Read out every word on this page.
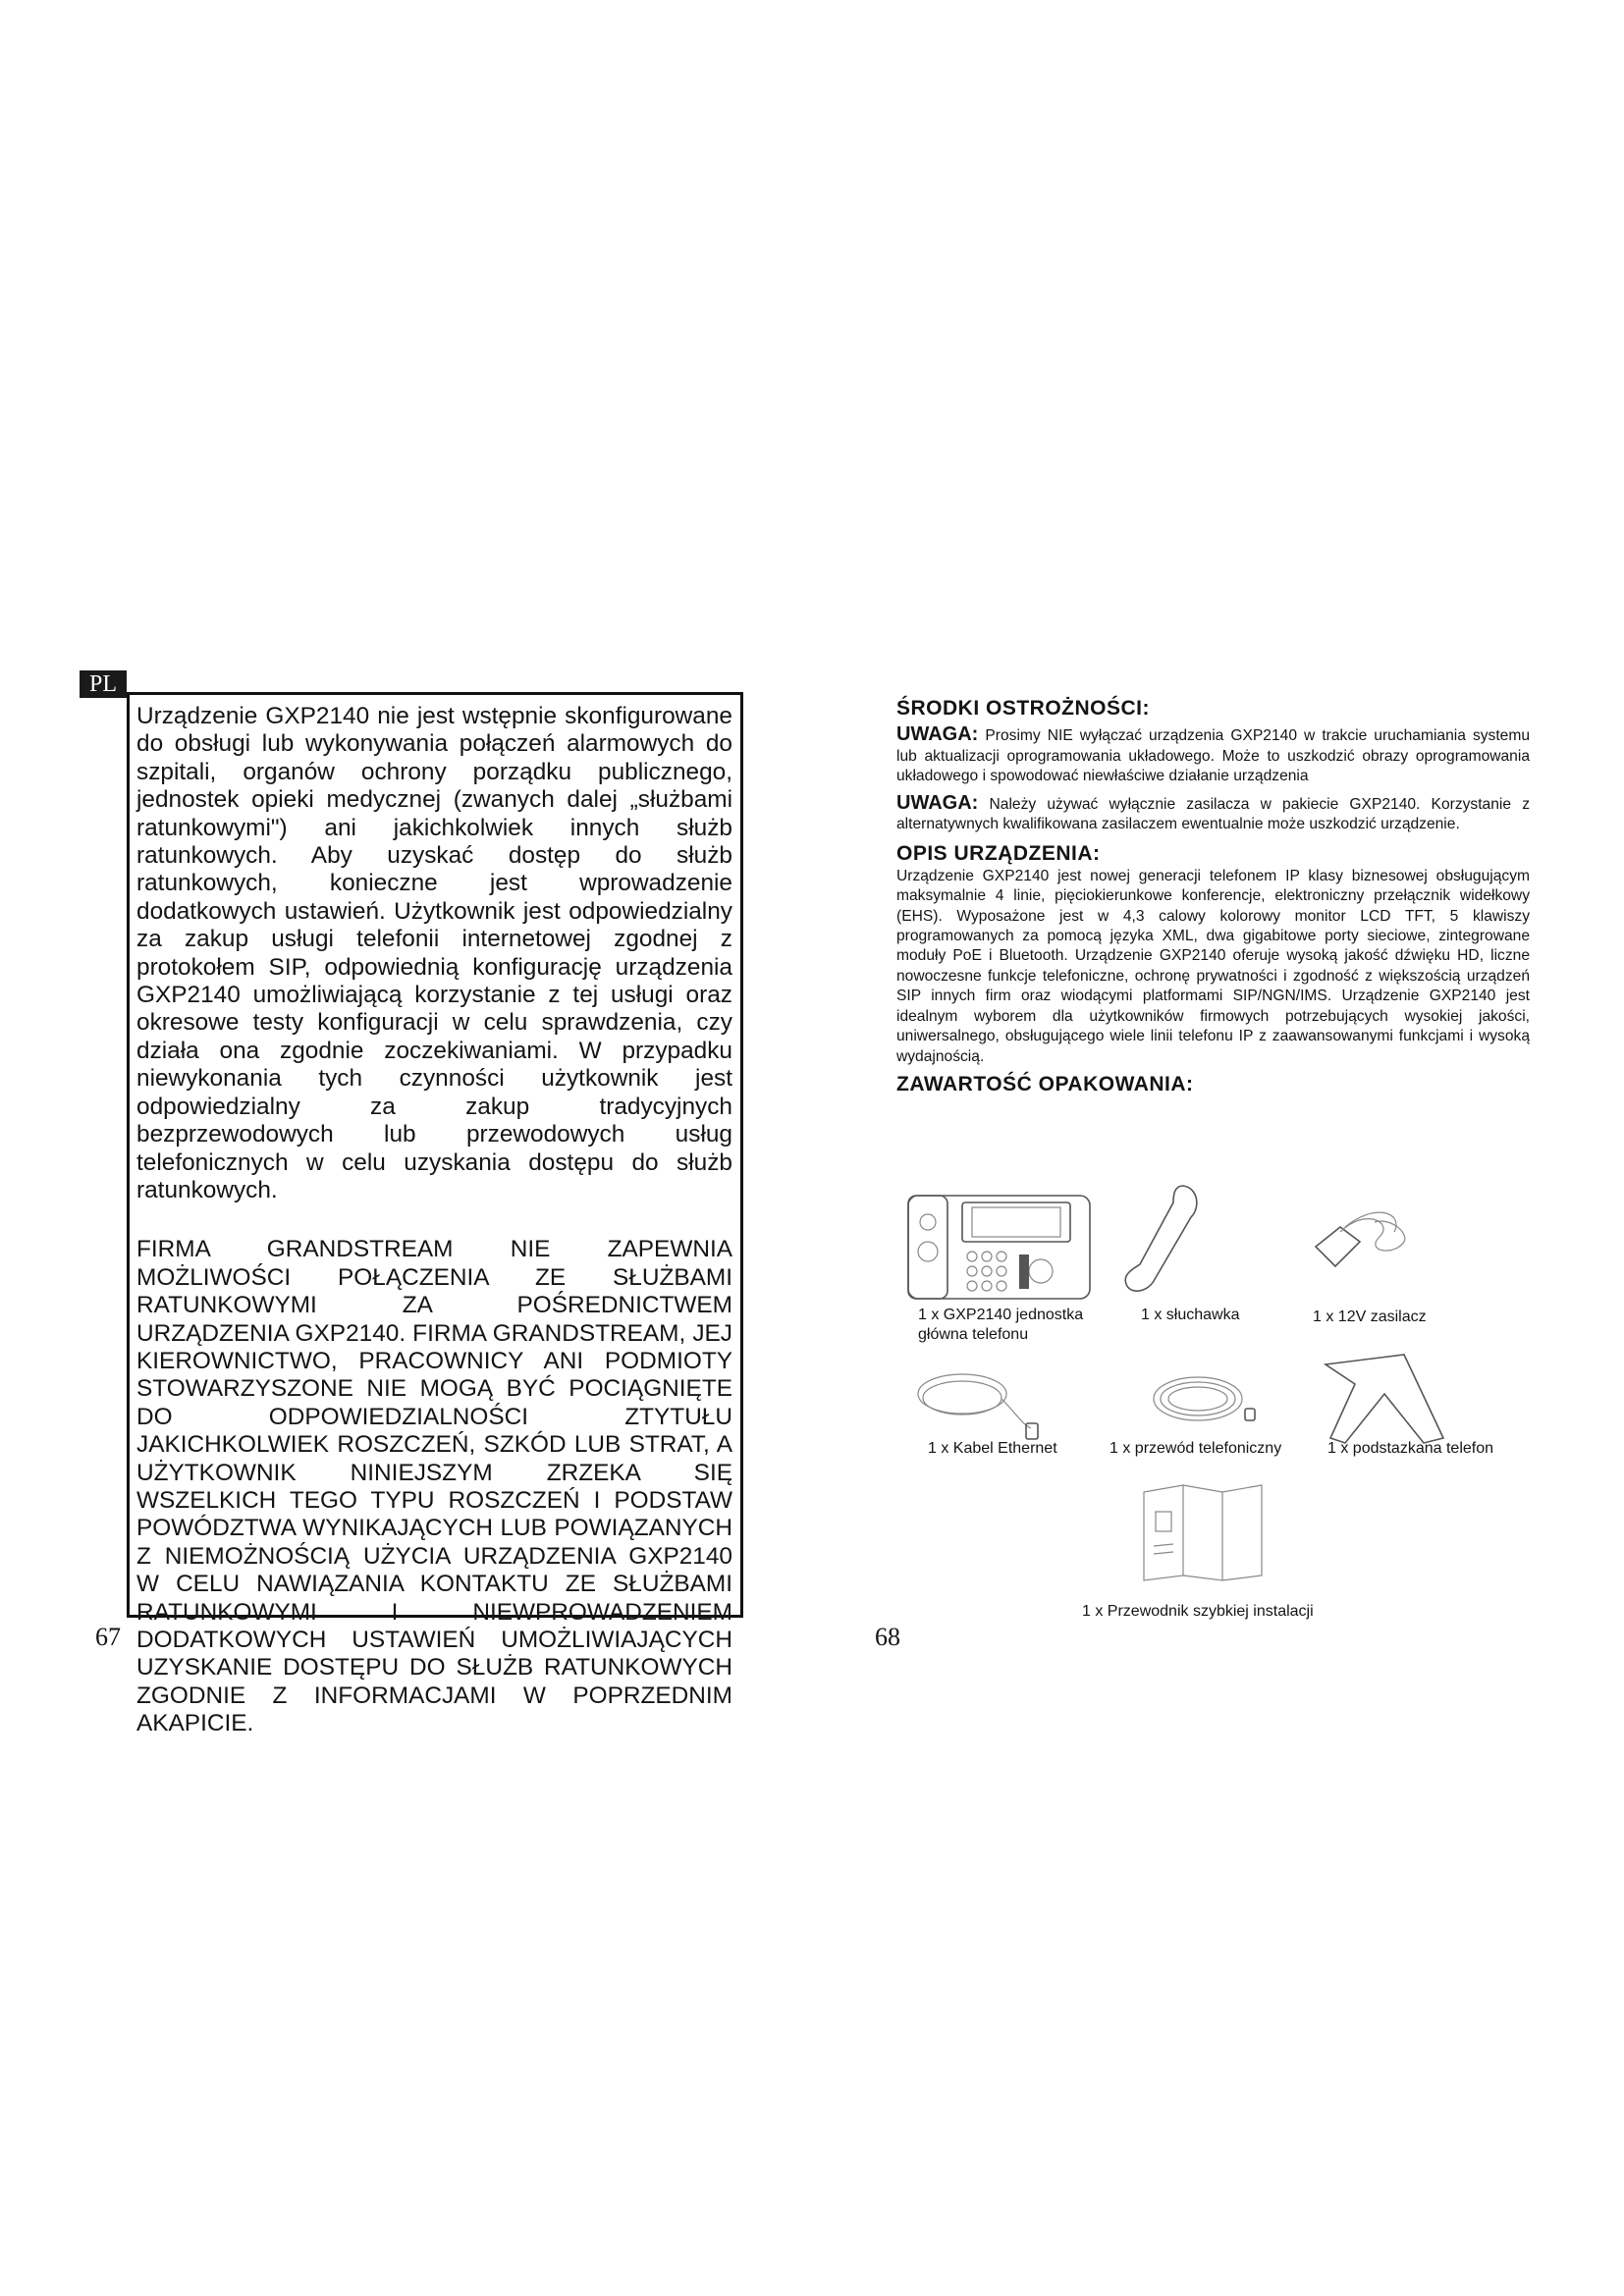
PL

Urządzenie GXP2140 nie jest wstępnie skonfigurowane do obsługi lub wykonywania połączeń alarmowych do szpitali, organów ochrony porządku publicznego, jednostek opieki medycznej (zwanych dalej „służbami ratunkowymi") ani jakichkolwiek innych służb ratunkowych. Aby uzyskać dostęp do służb ratunkowych, konieczne jest wprowadzenie dodatkowych ustawień. Użytkownik jest odpowiedzialny za zakup usługi telefonii internetowej zgodnej z protokołem SIP, odpowiednią konfigurację urządzenia GXP2140 umożliwiającą korzystanie z tej usługi oraz okresowe testy konfiguracji w celu sprawdzenia, czy działa ona zgodnie zoczekiwaniami. W przypadku niewykonania tych czynności użytkownik jest odpowiedzialny za zakup tradycyjnych bezprzewodowych lub przewodowych usług telefonicznych w celu uzyskania dostępu do służb ratunkowych.

FIRMA GRANDSTREAM NIE ZAPEWNIA MOŻLIWOŚCI POŁĄCZENIA ZE SŁUŻBAMI RATUNKOWYMI ZA POŚREDNICTWEM URZĄDZENIA GXP2140. FIRMA GRANDSTREAM, JEJ KIEROWNICTWO, PRACOWNICY ANI PODMIOTY STOWARZYSZONE NIE MOGĄ BYĆ POCIĄGNIĘTE DO ODPOWIEDZIALNOŚCI ZTYTUŁU JAKICHKOLWIEK ROSZCZEŃ, SZKÓD LUB STRAT, A UŻYTKOWNIK NINIEJSZYM ZRZEKA SIĘ WSZELKICH TEGO TYPU ROSZCZEŃ I PODSTAW POWÓDZTWA WYNIKAJĄCYCH LUB POWIĄZANYCH Z NIEMOŻNOŚCIĄ UŻYCIA URZĄDZENIA GXP2140 W CELU NAWIĄZANIA KONTAKTU ZE SŁUŻBAMI RATUNKOWYMI I NIEWPROWADZENIEM DODATKOWYCH USTAWIEŃ UMOŻLIWIAJĄCYCH UZYSKANIE DOSTĘPU DO SŁUŻB RATUNKOWYCH ZGODNIE Z INFORMACJAMI W POPRZEDNIM AKAPICIE.

67
ŚRODKI OSTROŻNOŚCI:

UWAGA: Prosimy NIE wyłączać urządzenia GXP2140 w trakcie uruchamiania systemu lub aktualizacji oprogramowania układowego. Może to uszkodzić obrazy oprogramowania układowego i spowodować niewłaściwe działanie urządzenia

UWAGA: Należy używać wyłącznie zasilacza w pakiecie GXP2140. Korzystanie z alternatywnych kwalifikowana zasilaczem ewentualnie może uszkodzić urządzenie.

OPIS URZĄDZENIA:

Urządzenie GXP2140 jest nowej generacji telefonem IP klasy biznesowej obsługującym maksymalnie 4 linie, pięciokierunkowe konferencje, elektroniczny przełącznik widełkowy (EHS). Wyposażone jest w 4,3 calowy kolorowy monitor LCD TFT, 5 klawiszy programowanych za pomocą języka XML, dwa gigabitowe porty sieciowe, zintegrowane moduły PoE i Bluetooth. Urządzenie GXP2140 oferuje wysoką jakość dźwięku HD, liczne nowoczesne funkcje telefoniczne, ochronę prywatności i zgodność z większością urządzeń SIP innych firm oraz wiodącymi platformami SIP/NGN/IMS. Urządzenie GXP2140 jest idealnym wyborem dla użytkowników firmowych potrzebujących wysokiej jakości, uniwersalnego, obsługującego wiele linii telefonu IP z zaawansowanymi funkcjami i wysoką wydajnością.

ZAWARTOŚĆ OPAKOWANIA:
1 x GXP2140 jednostka główna telefonu
1 x słuchawka	1 x 12V zasilacz
1 x Kabel Ethernet	1 x przewód telefoniczny	1 x podstazkana telefon
1 x Przewodnik szybkiej instalacji
68
